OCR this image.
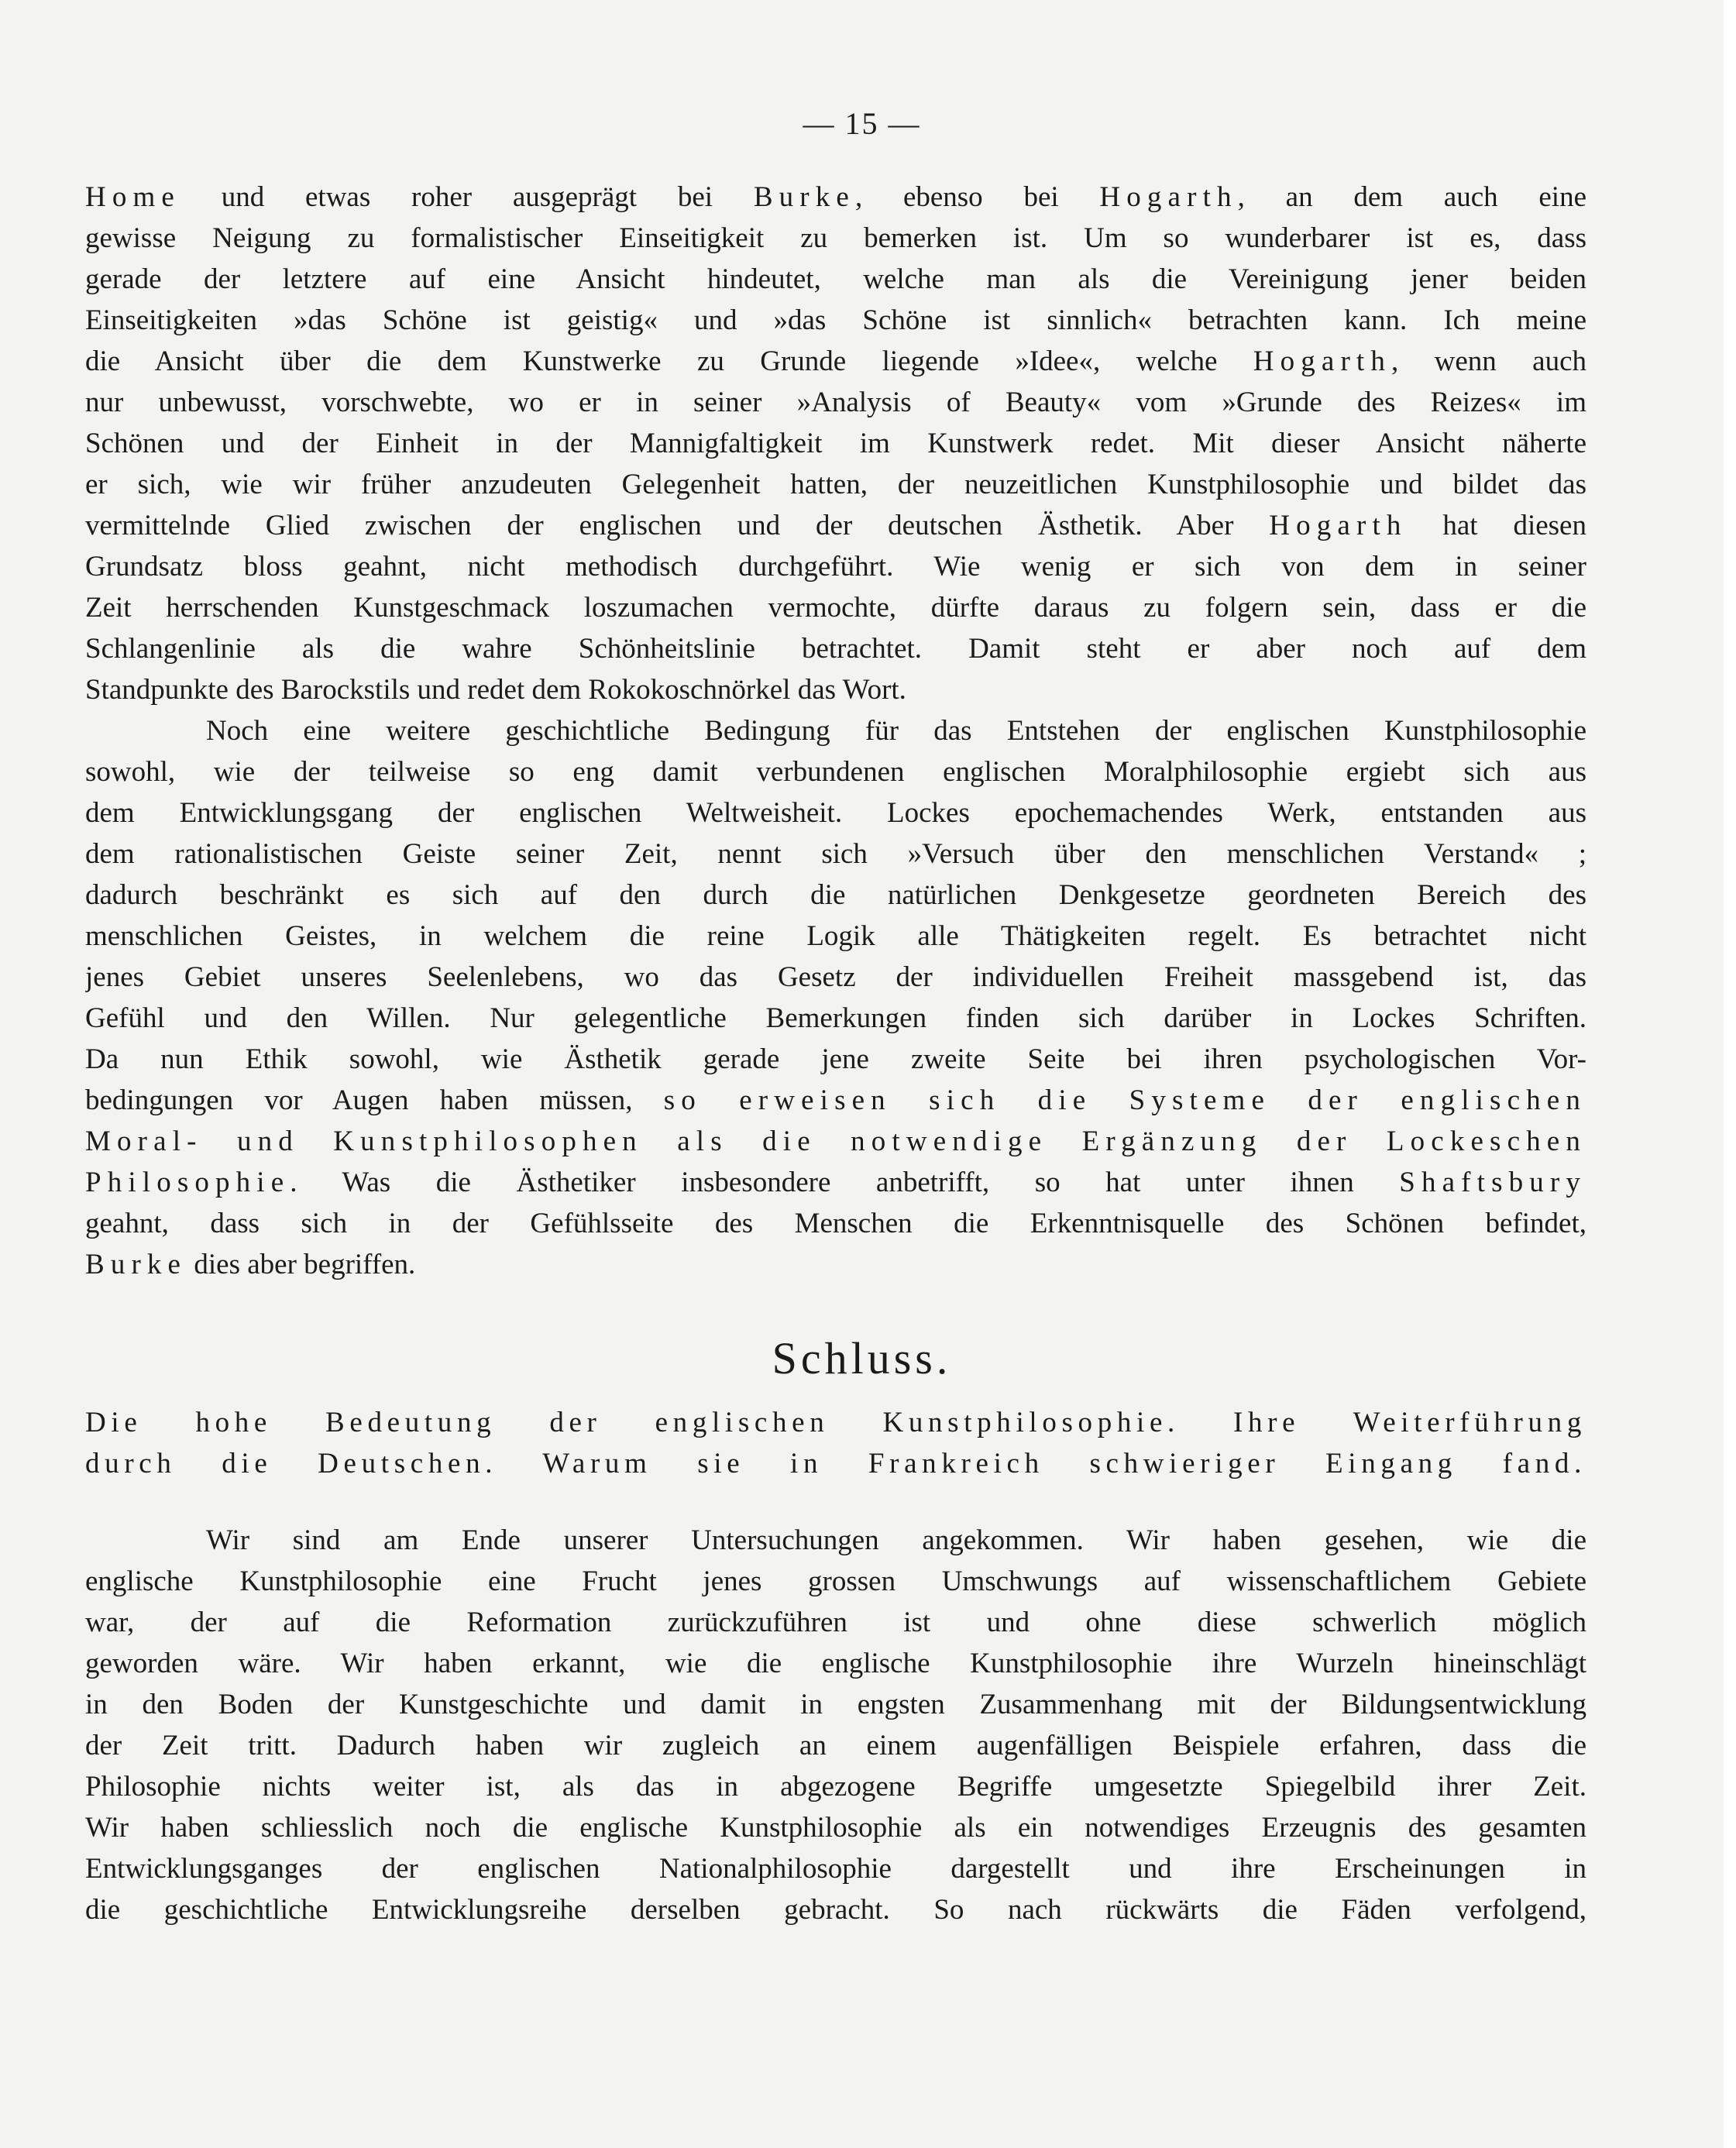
— 15 —
Home und etwas roher ausgeprägt bei Burke, ebenso bei Hogarth, an dem auch eine
gewisse Neigung zu formalistischer Einseitigkeit zu bemerken ist. Um so wunderbarer ist es, dass
gerade der letztere auf eine Ansicht hindeutet, welche man als die Vereinigung jener beiden
Einseitigkeiten »das Schöne ist geistig« und »das Schöne ist sinnlich« betrachten kann. Ich meine
die Ansicht über die dem Kunstwerke zu Grunde liegende »Idee«, welche Hogarth, wenn auch
nur unbewusst, vorschwebte, wo er in seiner »Analysis of Beauty« vom »Grunde des Reizes« im
Schönen und der Einheit in der Mannigfaltigkeit im Kunstwerk redet. Mit dieser Ansicht näherte
er sich, wie wir früher anzudeuten Gelegenheit hatten, der neuzeitlichen Kunstphilosophie und bildet das
vermittelnde Glied zwischen der englischen und der deutschen Ästhetik. Aber Hogarth hat diesen
Grundsatz bloss geahnt, nicht methodisch durchgeführt. Wie wenig er sich von dem in seiner
Zeit herrschenden Kunstgeschmack loszumachen vermochte, dürfte daraus zu folgern sein, dass er die
Schlangenlinie als die wahre Schönheitslinie betrachtet. Damit steht er aber noch auf dem
Standpunkte des Barockstils und redet dem Rokokoschnörkel das Wort.
Noch eine weitere geschichtliche Bedingung für das Entstehen der englischen Kunstphilosophie
sowohl, wie der teilweise so eng damit verbundenen englischen Moralphilosophie ergiebt sich aus
dem Entwicklungsgang der englischen Weltweisheit. Lockes epochemachendes Werk, entstanden aus
dem rationalistischen Geiste seiner Zeit, nennt sich »Versuch über den menschlichen Verstand« ;
dadurch beschränkt es sich auf den durch die natürlichen Denkgesetze geordneten Bereich des
menschlichen Geistes, in welchem die reine Logik alle Thätigkeiten regelt. Es betrachtet nicht
jenes Gebiet unseres Seelenlebens, wo das Gesetz der individuellen Freiheit massgebend ist, das
Gefühl und den Willen. Nur gelegentliche Bemerkungen finden sich darüber in Lockes Schriften.
Da nun Ethik sowohl, wie Ästhetik gerade jene zweite Seite bei ihren psychologischen Vor-
bedingungen vor Augen haben müssen, so erweisen sich die Systeme der englischen
Moral- und Kunstphilosophen als die notwendige Ergänzung der Lockeschen
Philosophie. Was die Ästhetiker insbesondere anbetrifft, so hat unter ihnen Shaftsbury
geahnt, dass sich in der Gefühlsseite des Menschen die Erkenntnisquelle des Schönen befindet,
Burke dies aber begriffen.
Schluss.
Die hohe Bedeutung der englischen Kunstphilosophie. Ihre Weiterführung
durch die Deutschen. Warum sie in Frankreich schwieriger Eingang fand.
Wir sind am Ende unserer Untersuchungen angekommen. Wir haben gesehen, wie die
englische Kunstphilosophie eine Frucht jenes grossen Umschwungs auf wissenschaftlichem Gebiete
war, der auf die Reformation zurückzuführen ist und ohne diese schwerlich möglich
geworden wäre. Wir haben erkannt, wie die englische Kunstphilosophie ihre Wurzeln hineinschlägt
in den Boden der Kunstgeschichte und damit in engsten Zusammenhang mit der Bildungsentwicklung
der Zeit tritt. Dadurch haben wir zugleich an einem augenfälligen Beispiele erfahren, dass die
Philosophie nichts weiter ist, als das in abgezogene Begriffe umgesetzte Spiegelbild ihrer Zeit.
Wir haben schliesslich noch die englische Kunstphilosophie als ein notwendiges Erzeugnis des gesamten
Entwicklungsganges der englischen Nationalphilosophie dargestellt und ihre Erscheinungen in
die geschichtliche Entwicklungsreihe derselben gebracht. So nach rückwärts die Fäden verfolgend,
